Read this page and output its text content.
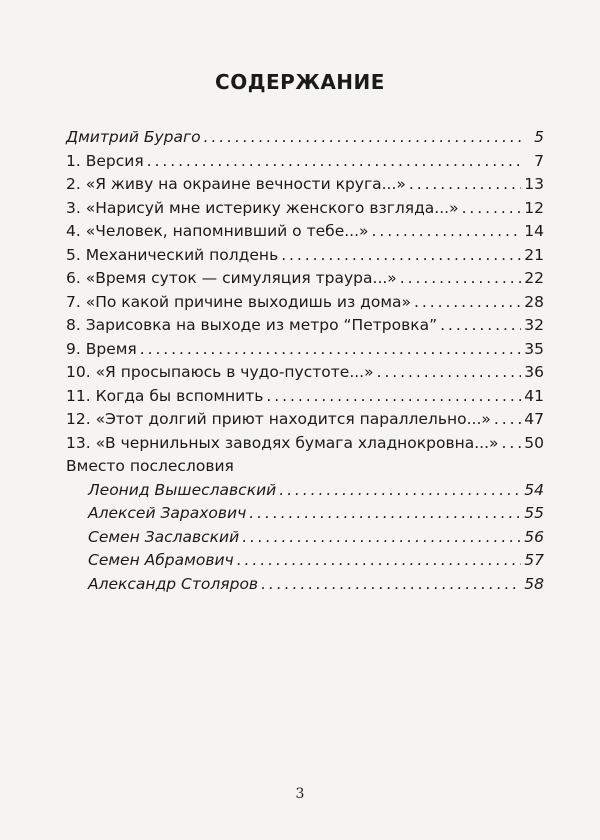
СОДЕРЖАНИЕ
Дмитрий Бураго . . .	5
1. Версия . . .	7
2. «Я живу на окраине вечности круга...» . . .	13
3. «Нарисуй мне истерику женского взгляда...» . . .	12
4. «Человек, напомнивший о тебе...» . . .	14
5. Механический полдень . . .	21
6. «Время суток — симуляция траура...» . . .	22
7. «По какой причине выходишь из дома» . . .	28
8. Зарисовка на выходе из метро “Петровка” . . .	32
9. Время . . .	35
10. «Я просыпаюсь в чудо-пустоте...» . . .	36
11. Когда бы вспомнить . . .	41
12. «Этот долгий приют находится параллельно...» . . . 47
13. «В чернильных заводях бумага хладнокровна...» . . . 50
Вместо послесловия
Леонид Вышеславский . . .	54
Алексей Зарахович . . .	55
Семен Заславский . . .	56
Семен Абрамович . . .	57
Александр Столяров . . .	58
3
